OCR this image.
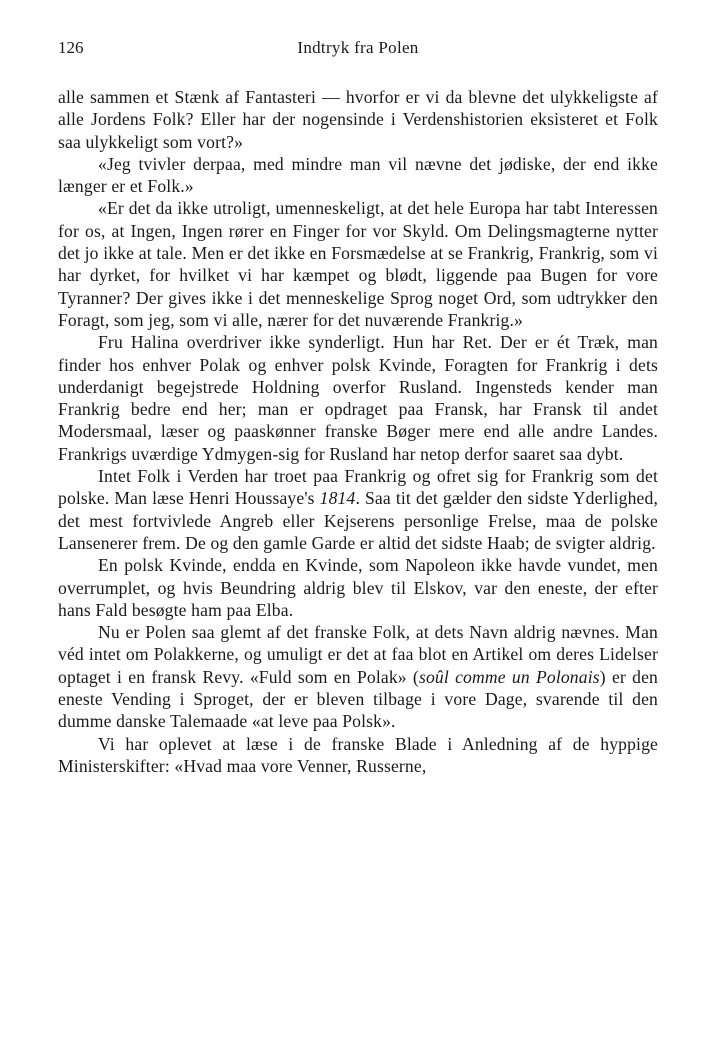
126	Indtryk fra Polen

alle sammen et Stænk af Fantasteri — hvorfor er vi da blevne det ulykkeligste af alle Jordens Folk? Eller har der nogensinde i Verdenshistorien eksisteret et Folk saa ulykkeligt som vort?»

«Jeg tvivler derpaa, med mindre man vil nævne det jødiske, der end ikke længer er et Folk.»

«Er det da ikke utroligt, umenneskeligt, at det hele Europa har tabt Interessen for os, at Ingen, Ingen rører en Finger for vor Skyld. Om Delingsmagterne nytter det jo ikke at tale. Men er det ikke en Forsmædelse at se Frankrig, Frankrig, som vi har dyrket, for hvilket vi har kæmpet og blødt, liggende paa Bugen for vore Tyranner? Der gives ikke i det menneskelige Sprog noget Ord, som udtrykker den Foragt, som jeg, som vi alle, nærer for det nuværende Frankrig.»

Fru Halina overdriver ikke synderligt. Hun har Ret. Der er ét Træk, man finder hos enhver Polak og enhver polsk Kvinde, Foragten for Frankrig i dets underdanigt begejstrede Holdning overfor Rusland. Ingensteds kender man Frankrig bedre end her; man er opdraget paa Fransk, har Fransk til andet Modersmaal, læser og paaskønner franske Bøger mere end alle andre Landes. Frankrigs uværdige Ydmygen-sig for Rusland har netop derfor saaret saa dybt.

Intet Folk i Verden har troet paa Frankrig og ofret sig for Frankrig som det polske. Man læse Henri Houssaye's 1814. Saa tit det gælder den sidste Yderlighed, det mest fortvivlede Angreb eller Kejserens personlige Frelse, maa de polske Lansenerer frem. De og den gamle Garde er altid det sidste Haab; de svigter aldrig.

En polsk Kvinde, endda en Kvinde, som Napoleon ikke havde vundet, men overrumplet, og hvis Beundring aldrig blev til Elskov, var den eneste, der efter hans Fald besøgte ham paa Elba.

Nu er Polen saa glemt af det franske Folk, at dets Navn aldrig nævnes. Man véd intet om Polakkerne, og umuligt er det at faa blot en Artikel om deres Lidelser optaget i en fransk Revy. «Fuld som en Polak» (soûl comme un Polonais) er den eneste Vending i Sproget, der er bleven tilbage i vore Dage, svarende til den dumme danske Talemaade «at leve paa Polsk».

Vi har oplevet at læse i de franske Blade i Anledning af de hyppige Ministerskifter: «Hvad maa vore Venner, Russerne,
